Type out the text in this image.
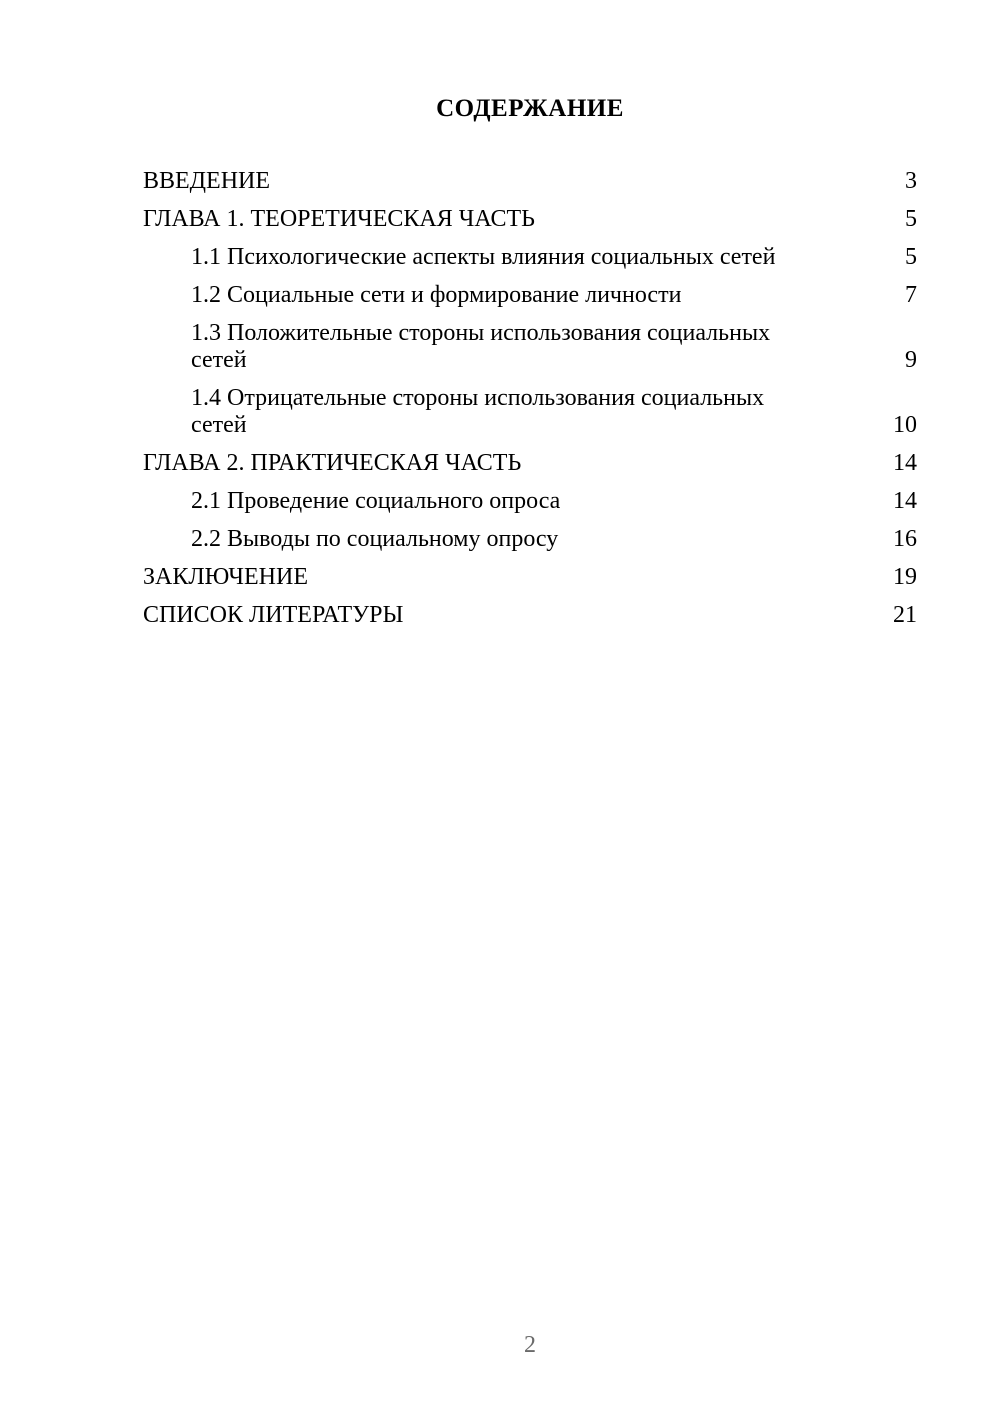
СОДЕРЖАНИЕ
ВВЕДЕНИЕ	3
ГЛАВА 1. ТЕОРЕТИЧЕСКАЯ ЧАСТЬ	5
1.1 Психологические аспекты влияния социальных сетей	5
1.2 Социальные сети и формирование личности	7
1.3 Положительные стороны использования социальных
сетей	9
1.4 Отрицательные стороны использования социальных
сетей	10
ГЛАВА 2. ПРАКТИЧЕСКАЯ ЧАСТЬ	14
2.1 Проведение социального опроса	14
2.2 Выводы по социальному опросу	16
ЗАКЛЮЧЕНИЕ	19
СПИСОК ЛИТЕРАТУРЫ	21
2
